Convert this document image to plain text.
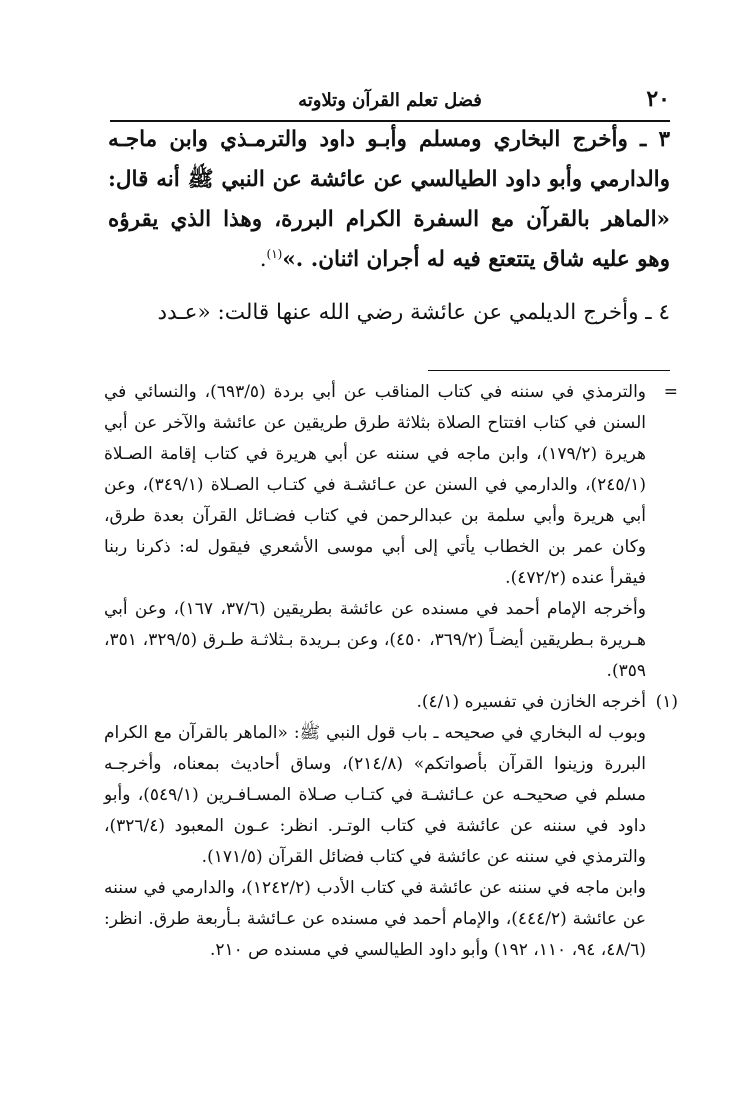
٢٠
فضل تعلم القرآن وتلاوته

٣ ـ وأخرج البخاري ومسلم وأبـو داود والترمـذي وابن ماجـه والدارمي وأبو داود الطيالسي عن عائشة عن النبي ﷺ أنه قال: «الماهر بالقرآن مع السفرة الكرام البررة، وهذا الذي يقرؤه وهو عليه شاق يتتعتع فيه له أجران اثنان. .»$^{(١)}$.

٤ ـ وأخرج الديلمي عن عائشة رضي الله عنها قالت: «عـدد

=

والترمذي في سننه في كتاب المناقب عن أبي بردة (٦٩٣/٥)، والنسائي في السنن في كتاب افتتاح الصلاة بثلاثة طرق طريقين عن عائشة والآخر عن أبي هريرة (١٧٩/٢)، وابن ماجه في سننه عن أبي هريرة في كتاب إقامة الصـلاة (٢٤٥/١)، والدارمي في السنن عن عـائشـة في كتـاب الصـلاة (٣٤٩/١)، وعن أبي هريرة وأبي سلمة بن عبدالرحمن في كتاب فضـائل القرآن بعدة طرق، وكان عمر بن الخطاب يأتي إلى أبي موسى الأشعري فيقول له: ذكرنا ربنا فيقرأ عنده (٤٧٢/٢).

وأخرجه الإمام أحمد في مسنده عن عائشة بطريقين (٣٧/٦، ١٦٧)، وعن أبي هـريرة بـطريقين أيضـاً (٣٦٩/٢، ٤٥٠)، وعن بـريدة بـثلاثـة طـرق (٣٢٩/٥، ٣٥١، ٣٥٩).

(١)

أخرجه الخازن في تفسيره (٤/١).

وبوب له البخاري في صحيحه ـ باب قول النبي ﷺ: «الماهر بالقرآن مع الكرام البررة وزينوا القرآن بأصواتكم» (٢١٤/٨)، وساق أحاديث بمعناه، وأخرجـه مسلم في صحيحـه عن عـائشـة في كتـاب صـلاة المسـافـرين (٥٤٩/١)، وأبو داود في سننه عن عائشة في كتاب الوتـر. انظر: عـون المعبود (٣٢٦/٤)، والترمذي في سننه عن عائشة في كتاب فضائل القرآن (١٧١/٥).

وابن ماجه في سننه عن عائشة في كتاب الأدب (١٢٤٢/٢)، والدارمي في سننه عن عائشة (٤٤٤/٢)، والإمام أحمد في مسنده عن عـائشة بـأربعة طرق. انظر: (٤٨/٦، ٩٤، ١١٠، ١٩٢) وأبو داود الطيالسي في مسنده ص ٢١٠.
